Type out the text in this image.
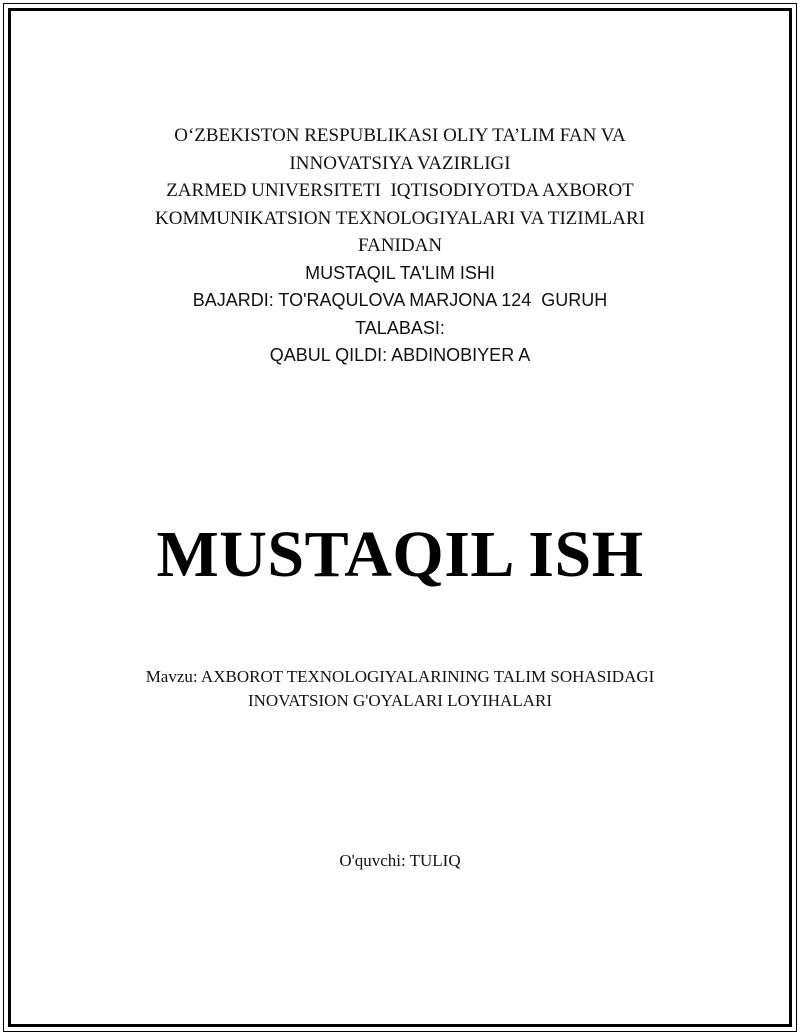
O‘ZBEKISTON RESPUBLIKASI OLIY TA’LIM FAN VA
INNOVATSIYA VAZIRLIGI
ZARMED UNIVERSITETI  IQTISODIYOTDA AXBOROT
KOMMUNIKATSION TEXNOLOGIYALARI VA TIZIMLARI
FANIDAN
MUSTAQIL TA'LIM ISHI
BAJARDI: TO'RAQULOVA MARJONA 124  GURUH
TALABASI:
QABUL QILDI: ABDINOBIYER A
MUSTAQIL ISH
Mavzu: AXBOROT TEXNOLOGIYALARINING TALIM SOHASIDAGI
INOVATSION G'OYALARI LOYIHALARI
O'quvchi: TULIQ
